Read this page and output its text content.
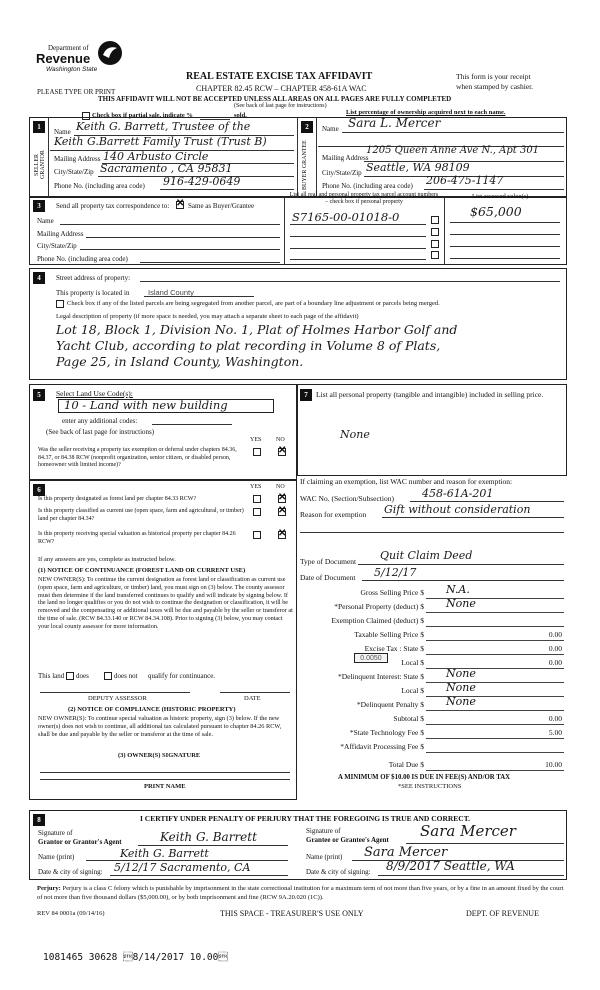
Department of
Revenue
Washington State
PLEASE TYPE OR PRINT
REAL ESTATE EXCISE TAX AFFIDAVIT
CHAPTER 82.45 RCW – CHAPTER 458-61A WAC
THIS AFFIDAVIT WILL NOT BE ACCEPTED UNLESS ALL AREAS ON ALL PAGES ARE FULLY COMPLETED
(See back of last page for instructions)
This form is your receipt
when stamped by cashier.
Check box if partial sale, indicate %	sold.	List percentage of ownership acquired next to each name.
1	2
SELLER GRANTOR	BUYER GRANTEE
Name Keith G. Barrett, Trustee of the
Keith G.Barrett Family Trust (Trust B)
Mailing Address 140 Arbusto Circle
City/State/Zip Sacramento , CA 95831
Phone No. (including area code) 916-429-0649
Name Sara L. Mercer
Mailing Address
1205 Queen Anne Ave N., Apt 301
City/State/Zip Seattle, WA 98109
Phone No. (including area code) 206-475-1147
3	Send all property tax correspondence to:
✕	Same as Buyer/Grantee
Name
Mailing Address
City/State/Zip
Phone No. (including area code)
List all real and personal property tax parcel account numbers – check box if personal property
S7165-00-01018-0
List assessed value(s)
$65,000
4	Street address of property:
This property is located in Island County
Check box if any of the listed parcels are being segregated from another parcel, are part of a boundary line adjustment or parcels being merged.
Legal description of property (if more space is needed, you may attach a separate sheet to each page of the affidavit)
Lot 18, Block 1, Division No. 1, Plat of Holmes Harbor Golf and
Yacht Club, according to plat recording in Volume 8 of Plats,
Page 25, in Island County, Washington.
5	Select Land Use Code(s):
10 - Land with new building
enter any additional codes:
(See back of last page for instructions)
YES NO
Was the seller receiving a property tax exemption or deferral under chapters 84.36, 84.37, or 84.38 RCW (nonprofit organization, senior citizen, or disabled person, homeowner with limited income)?
✕
7	List all personal property (tangible and intangible) included in selling price.
None
6	YES NO
Is this property designated as forest land per chapter 84.33 RCW?
✕
Is this property classified as current use (open space, farm and agricultural, or timber) land per chapter 84.34?
✕
Is this property receiving special valuation as historical property per chapter 84.26 RCW?
✕
If any answers are yes, complete as instructed below.
(1) NOTICE OF CONTINUANCE (FOREST LAND OR CURRENT USE)
NEW OWNER(S): To continue the current designation as forest land or classification as current use (open space, farm and agriculture, or timber) land, you must sign on (3) below. The county assessor must then determine if the land transferred continues to qualify and will indicate by signing below. If the land no longer qualifies or you do not wish to continue the designation or classification, it will be removed and the compensating or additional taxes will be due and payable by the seller or transferor at the time of sale. (RCW 84.33.140 or RCW 84.34.108). Prior to signing (3) below, you may contact your local county assessor for more information.
This land does	does not qualify for continuance.
DEPUTY ASSESSOR	DATE
(2) NOTICE OF COMPLIANCE (HISTORIC PROPERTY)
NEW OWNER(S): To continue special valuation as historic property, sign (3) below. If the new owner(s) does not wish to continue, all additional tax calculated pursuant to chapter 84.26 RCW, shall be due and payable by the seller or transferor at the time of sale.
(3) OWNER(S) SIGNATURE
PRINT NAME
If claiming an exemption, list WAC number and reason for exemption:
WAC No. (Section/Subsection)	458-61A-201
Reason for exemption Gift without consideration
Type of Document Quit Claim Deed
Date of Document 5/12/17
Gross Selling Price $ N.A.
*Personal Property (deduct) $ None
Exemption Claimed (deduct) $
Taxable Selling Price $	0.00
Excise Tax : State $	0.00
Local $	0.00
*Delinquent Interest: State $ None
Local $ None
*Delinquent Penalty $ None
Subtotal $	0.00
*State Technology Fee $	5.00
*Affidavit Processing Fee $
Total Due $	10.00
0.0050
A MINIMUM OF $10.00 IS DUE IN FEE(S) AND/OR TAX
*SEE INSTRUCTIONS
8	I CERTIFY UNDER PENALTY OF PERJURY THAT THE FOREGOING IS TRUE AND CORRECT.
Signature of
Grantor or Grantor's Agent	Keith G. Barrett
Name (print)	Keith G. Barrett
Date & city of signing: 5/12/17 Sacramento, CA
Signature of
Grantee or Grantee's Agent Sara Mercer
Name (print) Sara Mercer
Date & city of signing: 8/9/2017 Seattle, WA
Perjury: Perjury is a class C felony which is punishable by imprisonment in the state correctional institution for a maximum term of not more than five years, or by a fine in an amount fixed by the court of not more than five thousand dollars ($5,000.00), or by both imprisonment and fine (RCW 9A.20.020 (1C)).
REV 84 0001a (09/14/16)	THIS SPACE - TREASURER'S USE ONLY	DEPT. OF REVENUE
1081465 30628 8/14/2017 10.00
